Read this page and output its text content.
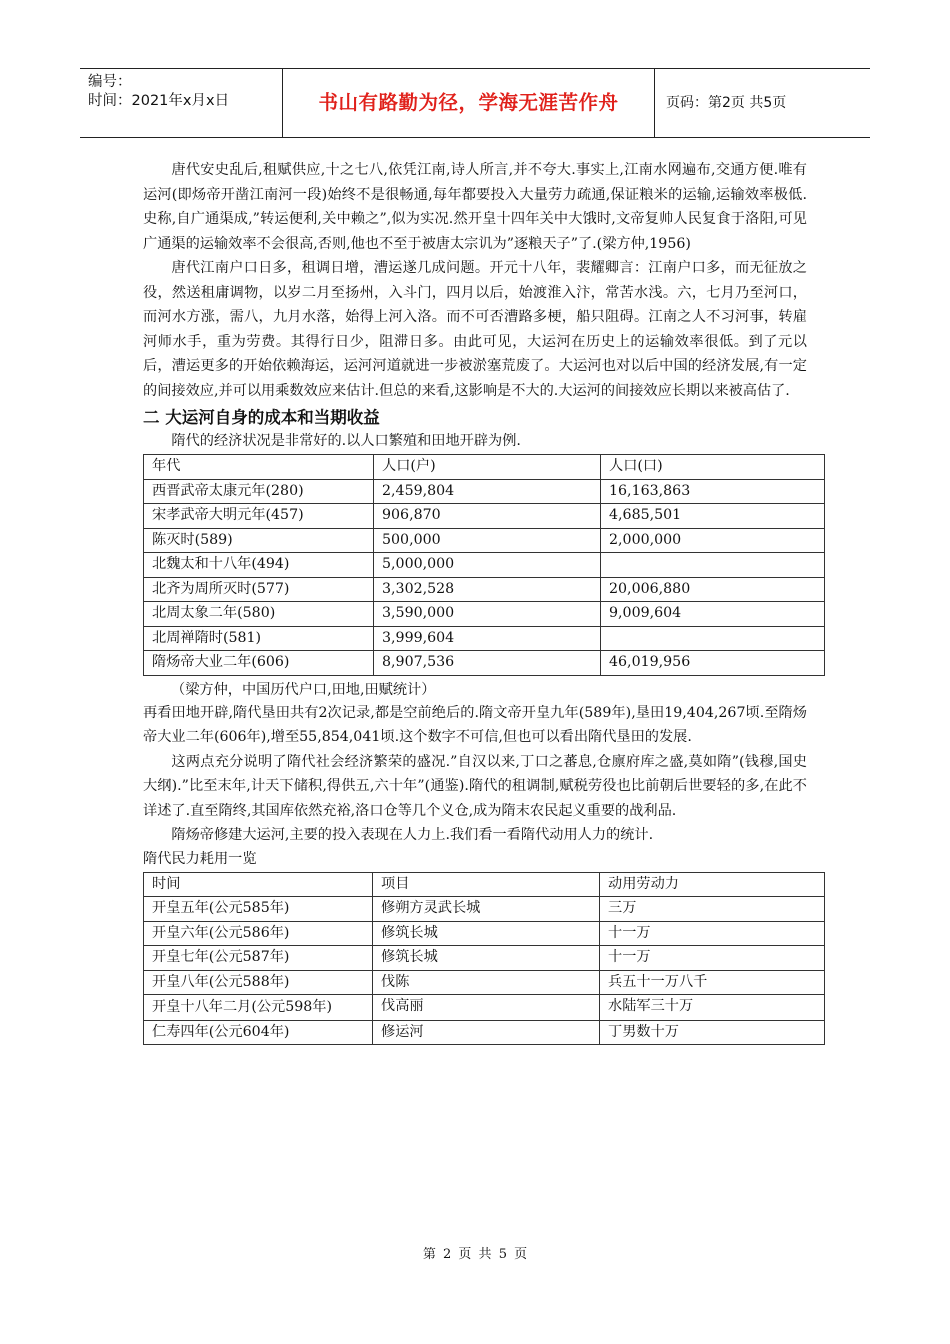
编号：
时间：2021年x月x日	书山有路勤为径，学海无涯苦作舟	页码：第2页 共5页

唐代安史乱后,租赋供应,十之七八,依凭江南,诗人所言,并不夸大.事实上,江南水网遍布,交通方便.唯有运河(即炀帝开凿江南河一段)始终不是很畅通,每年都要投入大量劳力疏通,保证粮米的运输,运输效率极低.史称,自广通渠成,”转运便利,关中赖之”,似为实况.然开皇十四年关中大饿时,文帝复帅人民复食于洛阳,可见广通渠的运输效率不会很高,否则,他也不至于被唐太宗讥为”逐粮天子”了.(梁方仲,1956)

唐代江南户口日多，租调日增，漕运遂几成问题。开元十八年，裴耀卿言：江南户口多，而无征放之役，然送租庸调物，以岁二月至扬州，入斗门，四月以后，始渡淮入汴，常苦水浅。六，七月乃至河口，而河水方涨，需八，九月水落，始得上河入洛。而不可否漕路多梗，船只阻碍。江南之人不习河事，转雇河师水手，重为劳费。其得行日少，阻滞日多。由此可见，大运河在历史上的运输效率很低。到了元以后，漕运更多的开始依赖海运，运河河道就进一步被淤塞荒废了。大运河也对以后中国的经济发展,有一定的间接效应,并可以用乘数效应来估计.但总的来看,这影响是不大的.大运河的间接效应长期以来被高估了.

二 大运河自身的成本和当期收益

隋代的经济状况是非常好的.以人口繁殖和田地开辟为例.

年代	人口(户)	人口(口)
西晋武帝太康元年(280)	2,459,804	16,163,863
宋孝武帝大明元年(457)	906,870	4,685,501
陈灭时(589)	500,000	2,000,000
北魏太和十八年(494)	5,000,000	
北齐为周所灭时(577)	3,302,528	20,006,880
北周太象二年(580)	3,590,000	9,009,604
北周禅隋时(581)	3,999,604	
隋炀帝大业二年(606)	8,907,536	46,019,956

（梁方仲，中国历代户口,田地,田赋统计）

再看田地开辟,隋代垦田共有2次记录,都是空前绝后的.隋文帝开皇九年(589年),垦田19,404,267顷.至隋炀帝大业二年(606年),增至55,854,041顷.这个数字不可信,但也可以看出隋代垦田的发展.

这两点充分说明了隋代社会经济繁荣的盛况.”自汉以来,丁口之蕃息,仓廪府库之盛,莫如隋”(钱穆,国史大纲).”比至末年,计天下储积,得供五,六十年”(通鉴).隋代的租调制,赋税劳役也比前朝后世要轻的多,在此不详述了.直至隋终,其国库依然充裕,洛口仓等几个义仓,成为隋末农民起义重要的战利品.

隋炀帝修建大运河,主要的投入表现在人力上.我们看一看隋代动用人力的统计.

隋代民力耗用一览

时间	项目	动用劳动力
开皇五年(公元585年)	修朔方灵武长城	三万
开皇六年(公元586年)	修筑长城	十一万
开皇七年(公元587年)	修筑长城	十一万
开皇八年(公元588年)	伐陈	兵五十一万八千
开皇十八年二月(公元598年)	伐高丽	水陆军三十万
仁寿四年(公元604年)	修运河	丁男数十万
第 2 页 共 5 页
